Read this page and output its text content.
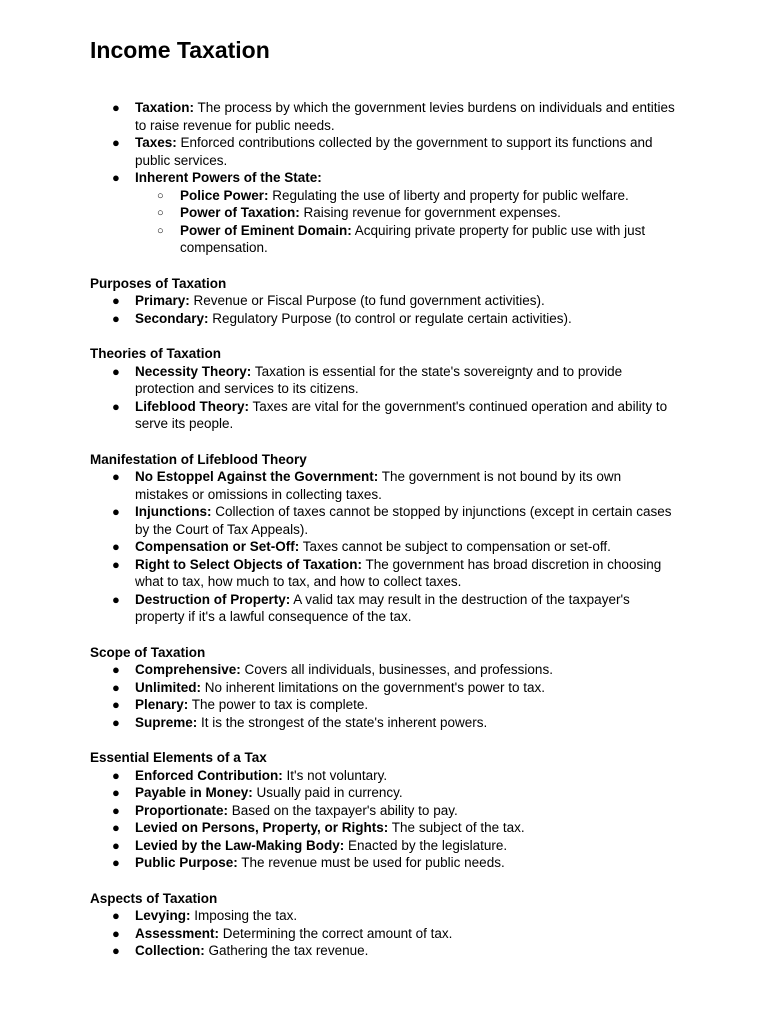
Income Taxation
● Taxation: The process by which the government levies burdens on individuals and entities to raise revenue for public needs.
● Taxes: Enforced contributions collected by the government to support its functions and public services.
● Inherent Powers of the State:
○ Police Power: Regulating the use of liberty and property for public welfare.
○ Power of Taxation: Raising revenue for government expenses.
○ Power of Eminent Domain: Acquiring private property for public use with just compensation.

Purposes of Taxation

● Primary: Revenue or Fiscal Purpose (to fund government activities).
● Secondary: Regulatory Purpose (to control or regulate certain activities).

Theories of Taxation

● Necessity Theory: Taxation is essential for the state's sovereignty and to provide protection and services to its citizens.
● Lifeblood Theory: Taxes are vital for the government's continued operation and ability to serve its people.

Manifestation of Lifeblood Theory

● No Estoppel Against the Government: The government is not bound by its own mistakes or omissions in collecting taxes.
● Injunctions: Collection of taxes cannot be stopped by injunctions (except in certain cases by the Court of Tax Appeals).
● Compensation or Set-Off: Taxes cannot be subject to compensation or set-off.
● Right to Select Objects of Taxation: The government has broad discretion in choosing what to tax, how much to tax, and how to collect taxes.
● Destruction of Property: A valid tax may result in the destruction of the taxpayer's property if it's a lawful consequence of the tax.

Scope of Taxation

● Comprehensive: Covers all individuals, businesses, and professions.
● Unlimited: No inherent limitations on the government's power to tax.
● Plenary: The power to tax is complete.
● Supreme: It is the strongest of the state's inherent powers.

Essential Elements of a Tax

● Enforced Contribution: It's not voluntary.
● Payable in Money: Usually paid in currency.
● Proportionate: Based on the taxpayer's ability to pay.
● Levied on Persons, Property, or Rights: The subject of the tax.
● Levied by the Law-Making Body: Enacted by the legislature.
● Public Purpose: The revenue must be used for public needs.

Aspects of Taxation

● Levying: Imposing the tax.
● Assessment: Determining the correct amount of tax.
● Collection: Gathering the tax revenue.
